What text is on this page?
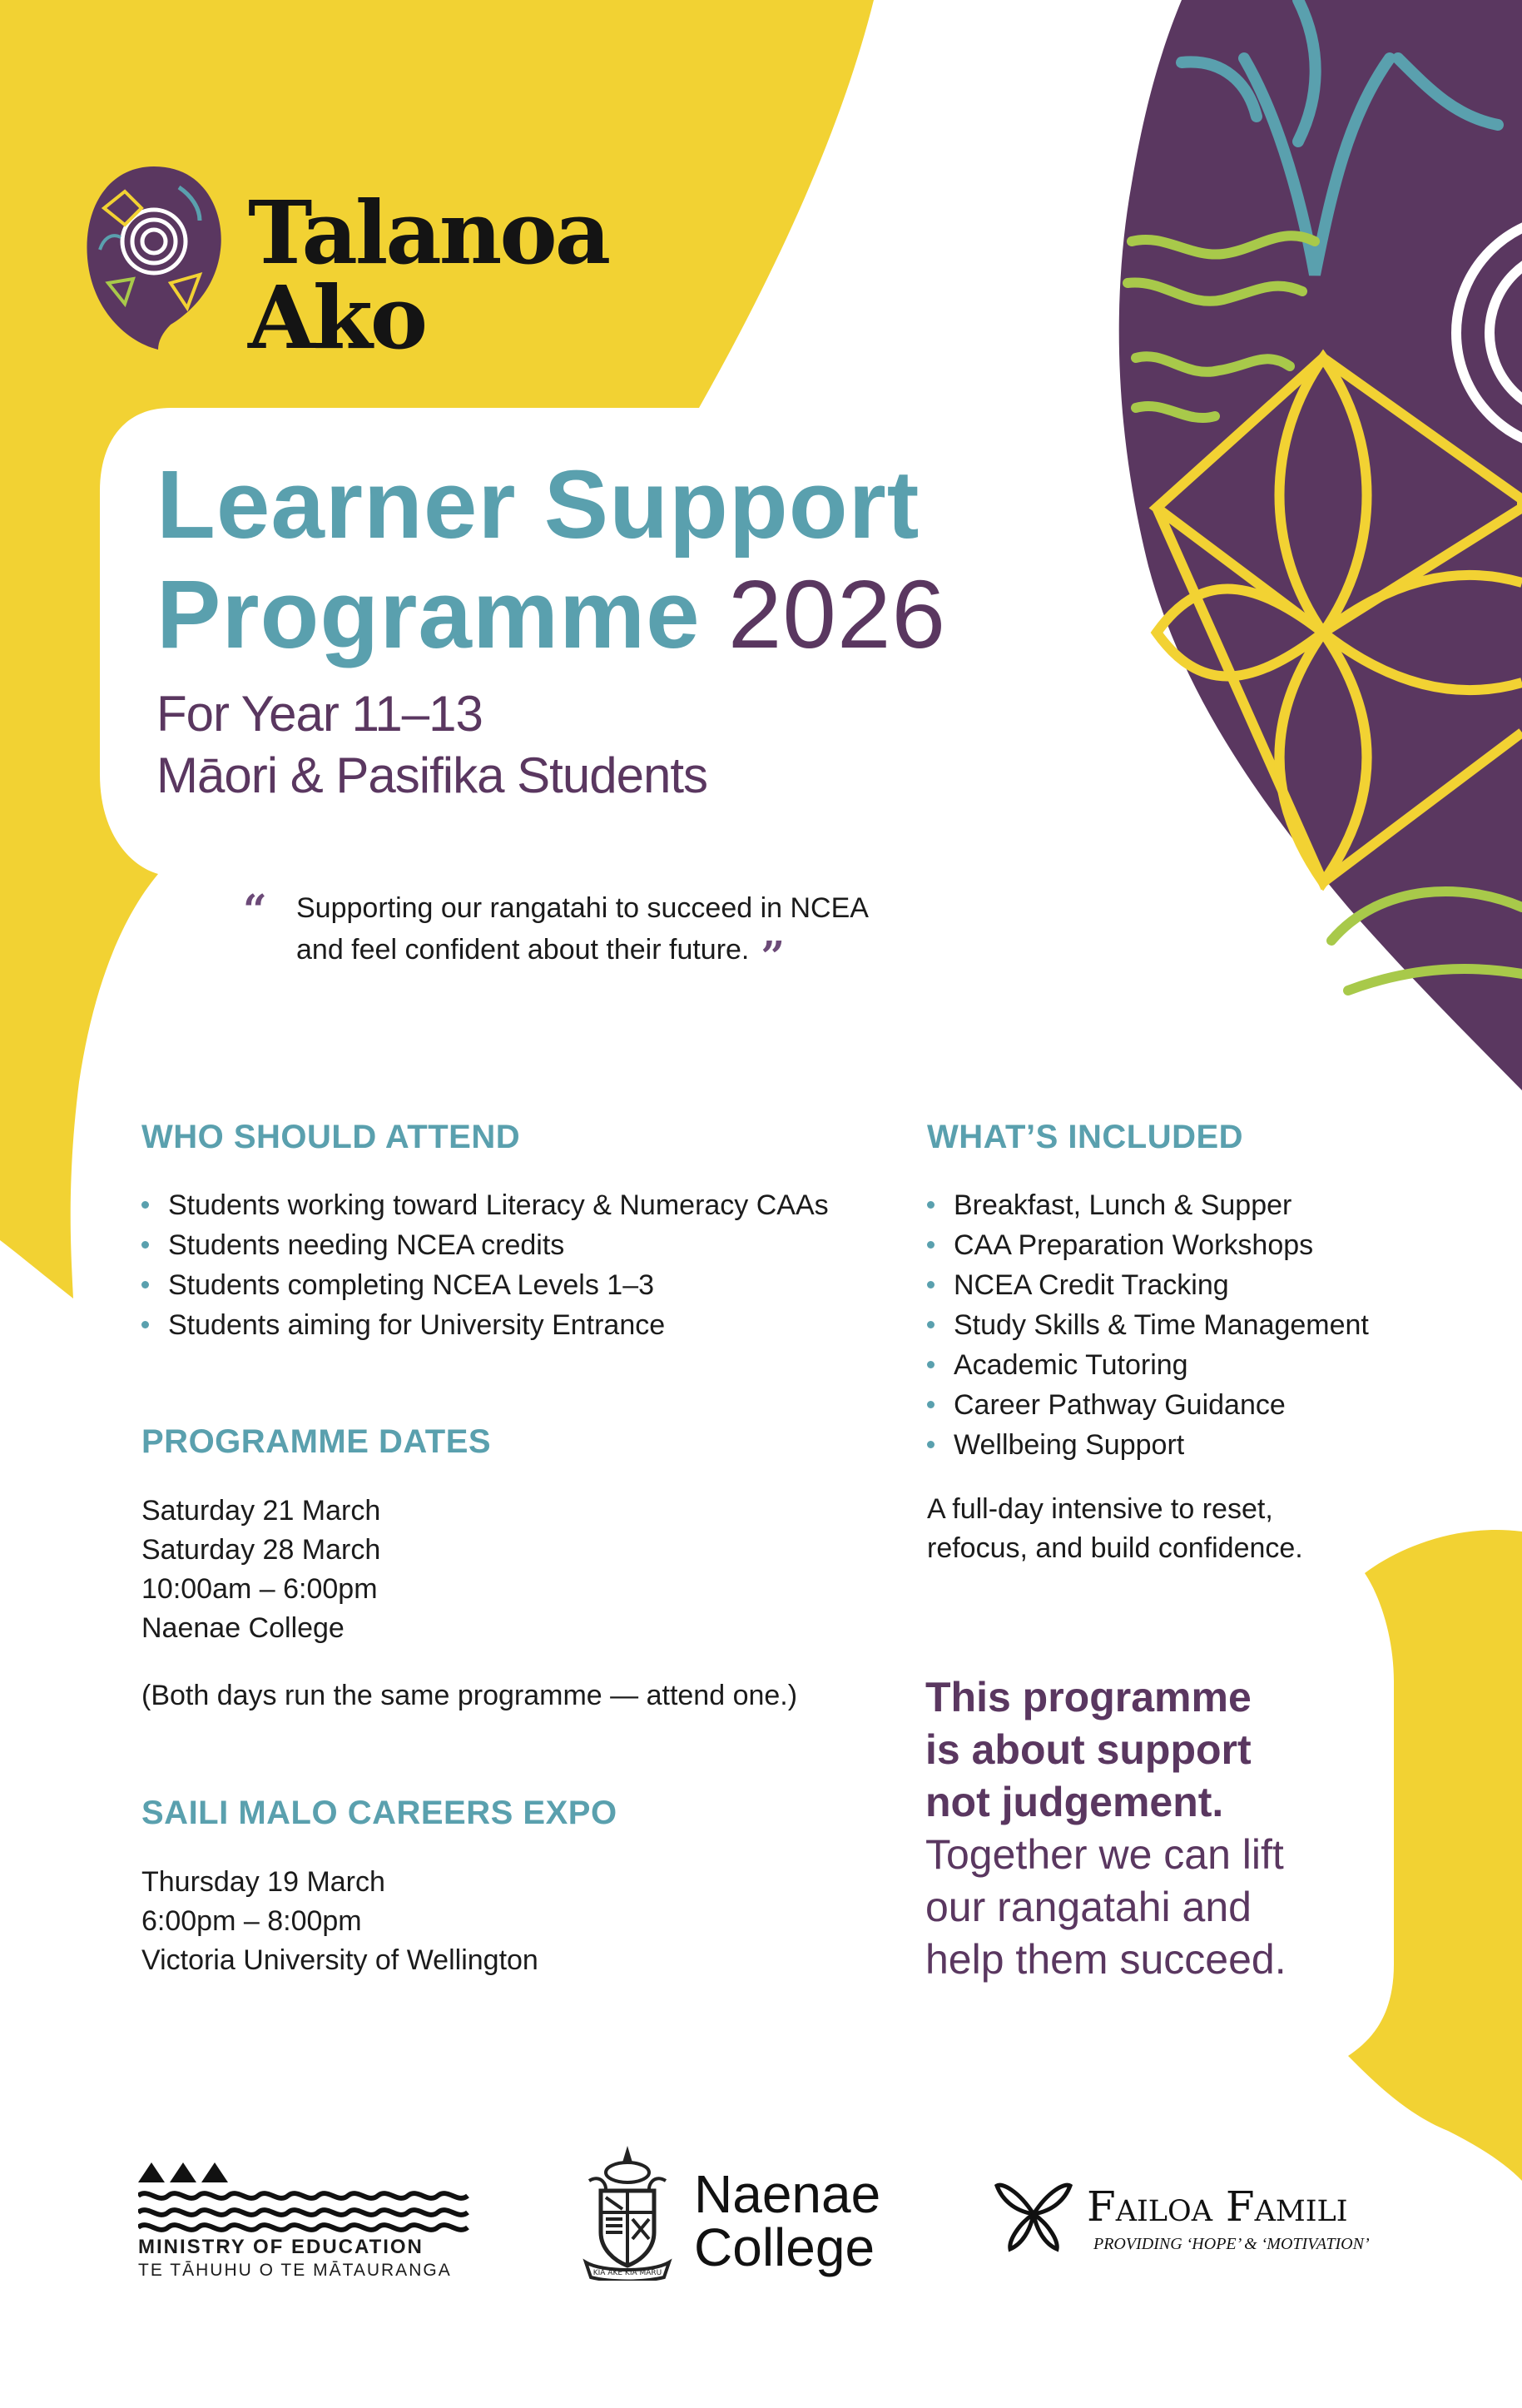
Talanoa
Ako
Learner Support
Programme 2026
For Year 11–13
Māori & Pasifika Students
“ Supporting our rangatahi to succeed in NCEA
and feel confident about their future. ”
WHO SHOULD ATTEND
Students working toward Literacy & Numeracy CAAs
Students needing NCEA credits
Students completing NCEA Levels 1–3
Students aiming for University Entrance
WHAT’S INCLUDED
Breakfast, Lunch & Supper
CAA Preparation Workshops
NCEA Credit Tracking
Study Skills & Time Management
Academic Tutoring
Career Pathway Guidance
Wellbeing Support
A full-day intensive to reset,
refocus, and build confidence.
PROGRAMME DATES
Saturday 21 March
Saturday 28 March
10:00am – 6:00pm
Naenae College
(Both days run the same programme — attend one.)
SAILI MALO CAREERS EXPO
Thursday 19 March
6:00pm – 8:00pm
Victoria University of Wellington
This programme
is about support
not judgement.
Together we can lift
our rangatahi and
help them succeed.
MINISTRY OF EDUCATION
TE TĀHUHU O TE MĀTAURANGA	KIA ĀKE KIA MĀRU
Naenae
College
Failoa Famili
PROVIDING ‘HOPE’ & ‘MOTIVATION’
